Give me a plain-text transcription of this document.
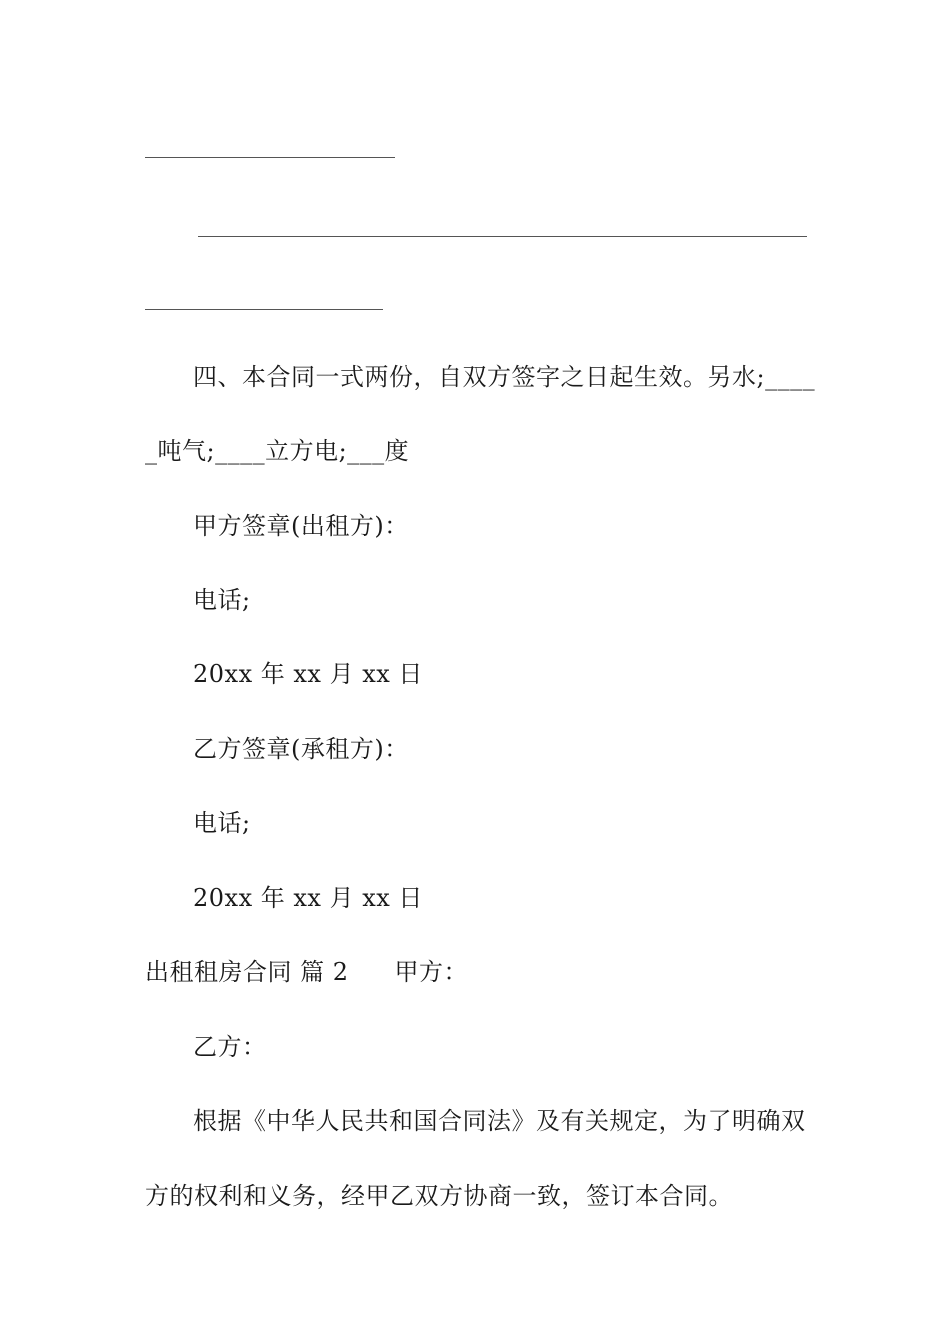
四、本合同一式两份，自双方签字之日起生效。另水;____
_吨气;____立方电;___度
甲方签章(出租方)：
电话;
20xx 年 xx 月 xx 日
乙方签章(承租方)：
电话;
20xx 年 xx 月 xx 日
出租租房合同 篇 2 甲方：
乙方：
根据《中华人民共和国合同法》及有关规定，为了明确双
方的权利和义务，经甲乙双方协商一致，签订本合同。
